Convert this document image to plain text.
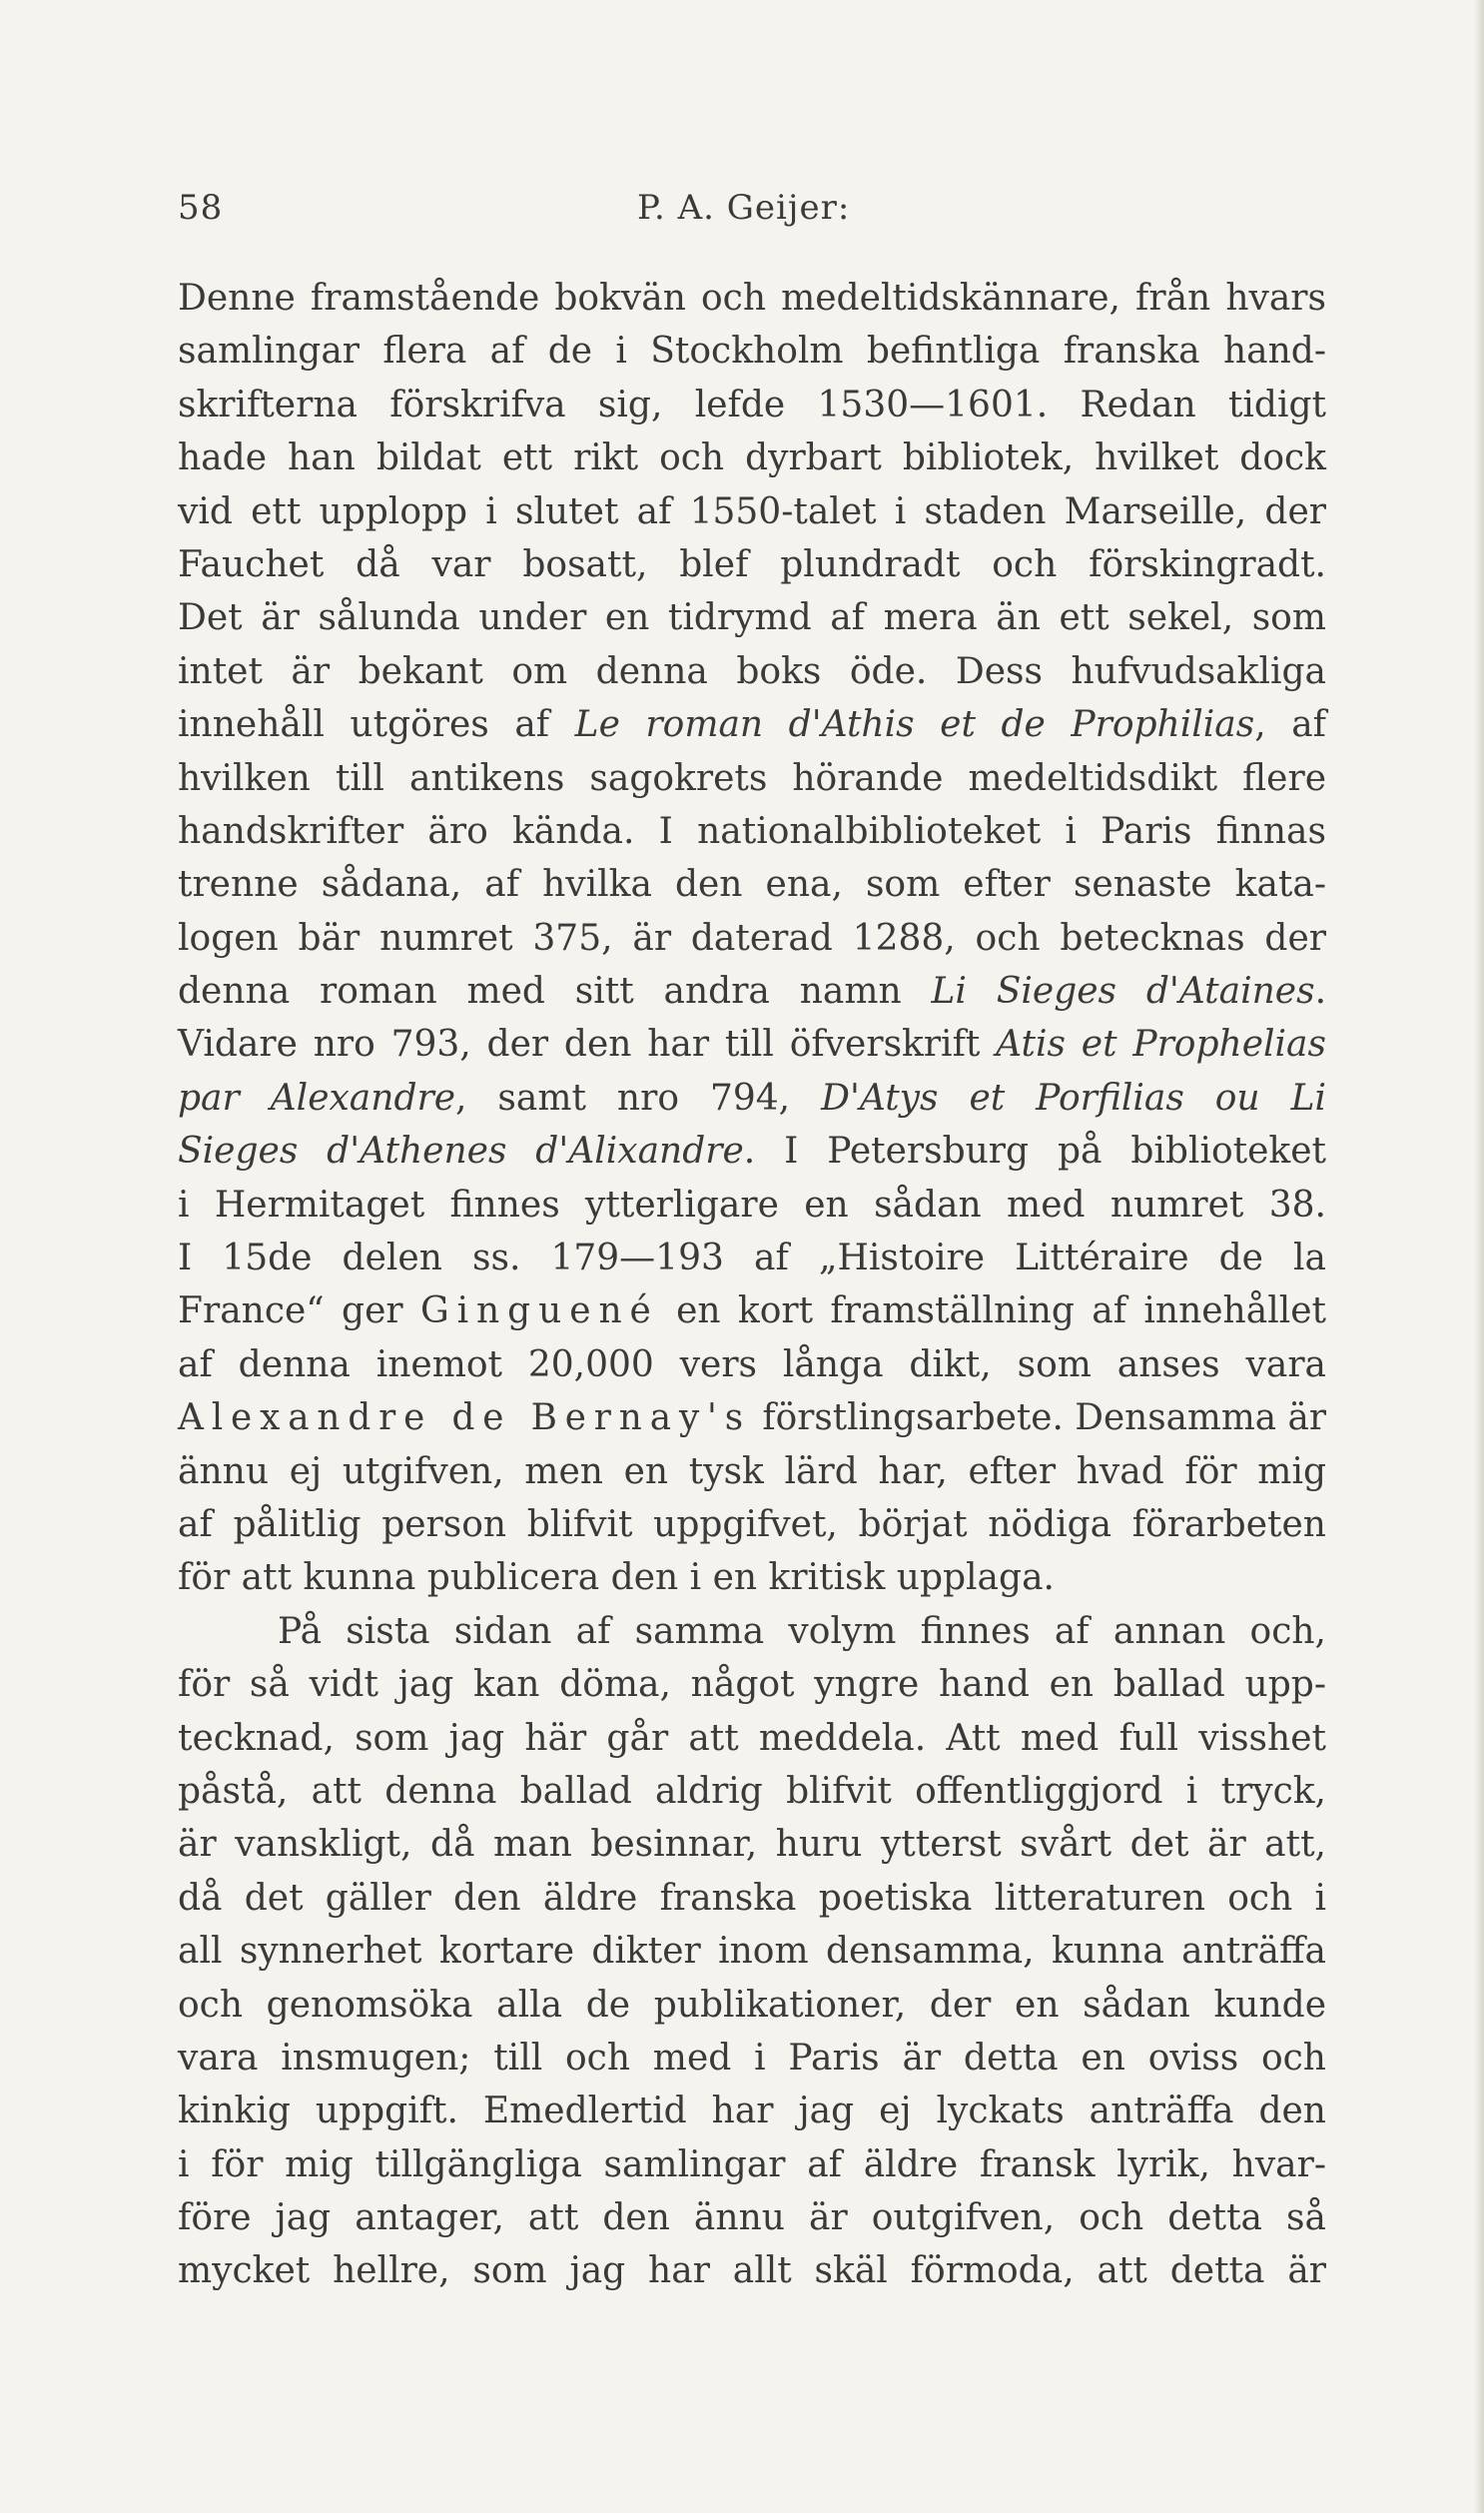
58	P. A. Geijer:
Denne framstående bokvän och medeltidskännare, från hvars
samlingar flera af de i Stockholm befintliga franska hand-
skrifterna förskrifva sig, lefde 1530—1601. Redan tidigt
hade han bildat ett rikt och dyrbart bibliotek, hvilket dock
vid ett upplopp i slutet af 1550-talet i staden Marseille, der
Fauchet då var bosatt, blef plundradt och förskingradt.
Det är sålunda under en tidrymd af mera än ett sekel, som
intet är bekant om denna boks öde. Dess hufvudsakliga
innehåll utgöres af Le roman d'Athis et de Prophilias, af
hvilken till antikens sagokrets hörande medeltidsdikt flere
handskrifter äro kända. I nationalbiblioteket i Paris finnas
trenne sådana, af hvilka den ena, som efter senaste kata-
logen bär numret 375, är daterad 1288, och betecknas der
denna roman med sitt andra namn Li Sieges d'Ataines.
Vidare nro 793, der den har till öfverskrift Atis et Prophelias
par Alexandre, samt nro 794, D'Atys et Porfilias ou Li
Sieges d'Athenes d'Alixandre. I Petersburg på biblioteket
i Hermitaget finnes ytterligare en sådan med numret 38.
I 15de delen ss. 179—193 af „Histoire Littéraire de la
France“ ger Ginguené en kort framställning af innehållet
af denna inemot 20,000 vers långa dikt, som anses vara
Alexandre de Bernay's förstlingsarbete. Densamma är
ännu ej utgifven, men en tysk lärd har, efter hvad för mig
af pålitlig person blifvit uppgifvet, börjat nödiga förarbeten
för att kunna publicera den i en kritisk upplaga.
På sista sidan af samma volym finnes af annan och,
för så vidt jag kan döma, något yngre hand en ballad upp-
tecknad, som jag här går att meddela. Att med full visshet
påstå, att denna ballad aldrig blifvit offentliggjord i tryck,
är vanskligt, då man besinnar, huru ytterst svårt det är att,
då det gäller den äldre franska poetiska litteraturen och i
all synnerhet kortare dikter inom densamma, kunna anträffa
och genomsöka alla de publikationer, der en sådan kunde
vara insmugen; till och med i Paris är detta en oviss och
kinkig uppgift. Emedlertid har jag ej lyckats anträffa den
i för mig tillgängliga samlingar af äldre fransk lyrik, hvar-
före jag antager, att den ännu är outgifven, och detta så
mycket hellre, som jag har allt skäl förmoda, att detta är
